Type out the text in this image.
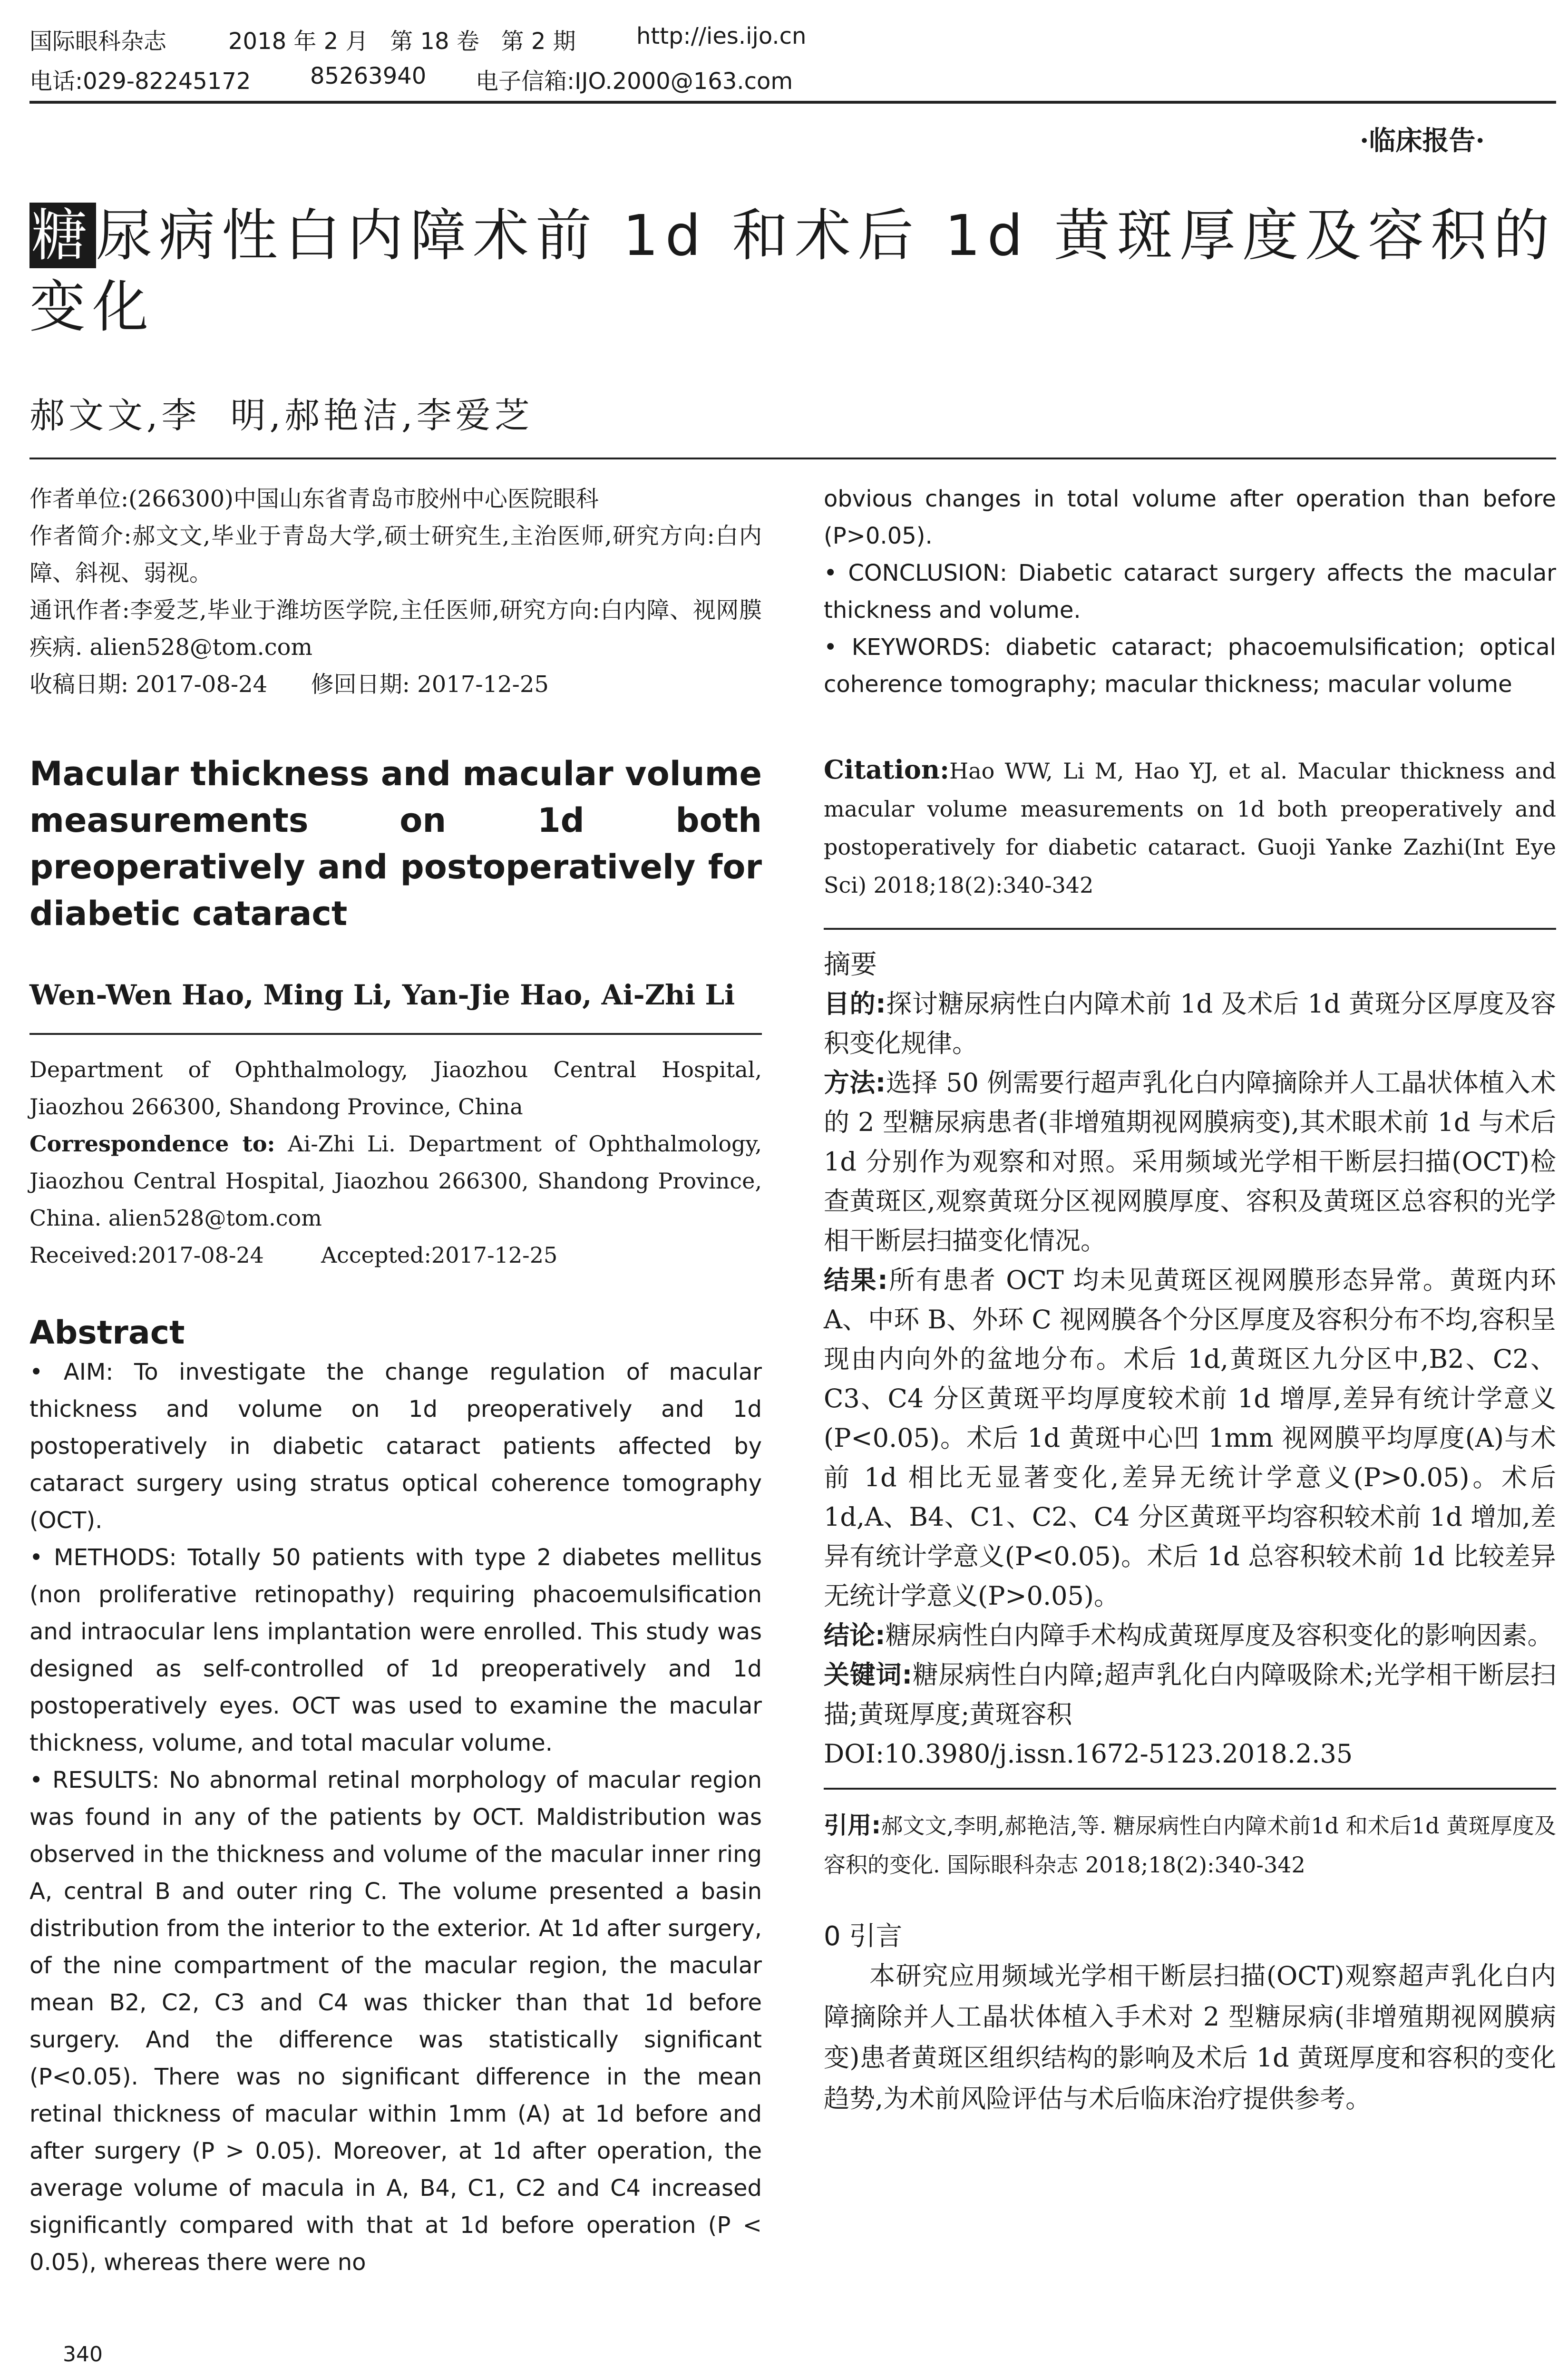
国际眼科杂志	2018 年 2 月   第 18 卷   第 2 期	http://ies.ijo.cn
电话:029-82245172	85263940 电子信箱:IJO.2000@163.com
·临床报告·
糖尿病性白内障术前 1d 和术后 1d 黄斑厚度及容积的
变化
郝文文,李  明,郝艳洁,李爱芝

作者单位:(266300)中国山东省青岛市胶州中心医院眼科

作者简介:郝文文,毕业于青岛大学,硕士研究生,主治医师,研究方向:白内障、斜视、弱视。

通讯作者:李爱芝,毕业于潍坊医学院,主任医师,研究方向:白内障、视网膜疾病. alien528@tom.com

收稿日期: 2017-08-24      修回日期: 2017-12-25

Macular thickness and macular volume measurements on 1d both preoperatively and postoperatively for diabetic cataract
Wen-Wen Hao, Ming Li, Yan-Jie Hao, Ai-Zhi Li

Department of Ophthalmology, Jiaozhou Central Hospital, Jiaozhou 266300, Shandong Province, China

Correspondence to: Ai-Zhi Li. Department of Ophthalmology, Jiaozhou Central Hospital, Jiaozhou 266300, Shandong Province, China. alien528@tom.com

Received:2017-08-24	Accepted:2017-12-25

Abstract

• AIM: To investigate the change regulation of macular thickness and volume on 1d preoperatively and 1d postoperatively in diabetic cataract patients affected by cataract surgery using stratus optical coherence tomography (OCT).

• METHODS: Totally 50 patients with type 2 diabetes mellitus (non proliferative retinopathy) requiring phacoemulsification and intraocular lens implantation were enrolled. This study was designed as self-controlled of 1d preoperatively and 1d postoperatively eyes. OCT was used to examine the macular thickness, volume, and total macular volume.

• RESULTS: No abnormal retinal morphology of macular region was found in any of the patients by OCT. Maldistribution was observed in the thickness and volume of the macular inner ring A, central B and outer ring C. The volume presented a basin distribution from the interior to the exterior. At 1d after surgery, of the nine compartment of the macular region, the macular mean B2, C2, C3 and C4 was thicker than that 1d before surgery. And the difference was statistically significant (P<0.05). There was no significant difference in the mean retinal thickness of macular within 1mm (A) at 1d before and after surgery (P > 0.05). Moreover, at 1d after operation, the average volume of macula in A, B4, C1, C2 and C4 increased significantly compared with that at 1d before operation (P < 0.05), whereas there were no

obvious changes in total volume after operation than before (P>0.05).

• CONCLUSION: Diabetic cataract surgery affects the macular thickness and volume.

• KEYWORDS: diabetic cataract; phacoemulsification; optical coherence tomography; macular thickness; macular volume

Citation:Hao WW, Li M, Hao YJ, et al. Macular thickness and macular volume measurements on 1d both preoperatively and postoperatively for diabetic cataract. Guoji Yanke Zazhi(Int Eye Sci) 2018;18(2):340-342
摘要

目的:探讨糖尿病性白内障术前 1d 及术后 1d 黄斑分区厚度及容积变化规律。

方法:选择 50 例需要行超声乳化白内障摘除并人工晶状体植入术的 2 型糖尿病患者(非增殖期视网膜病变),其术眼术前 1d 与术后 1d 分别作为观察和对照。采用频域光学相干断层扫描(OCT)检查黄斑区,观察黄斑分区视网膜厚度、容积及黄斑区总容积的光学相干断层扫描变化情况。

结果:所有患者 OCT 均未见黄斑区视网膜形态异常。黄斑内环 A、中环 B、外环 C 视网膜各个分区厚度及容积分布不均,容积呈现由内向外的盆地分布。术后 1d,黄斑区九分区中,B2、C2、C3、C4 分区黄斑平均厚度较术前 1d 增厚,差异有统计学意义(P<0.05)。术后 1d 黄斑中心凹 1mm 视网膜平均厚度(A)与术前 1d 相比无显著变化,差异无统计学意义(P>0.05)。术后 1d,A、B4、C1、C2、C4 分区黄斑平均容积较术前 1d 增加,差异有统计学意义(P<0.05)。术后 1d 总容积较术前 1d 比较差异无统计学意义(P>0.05)。

结论:糖尿病性白内障手术构成黄斑厚度及容积变化的影响因素。

关键词:糖尿病性白内障;超声乳化白内障吸除术;光学相干断层扫描;黄斑厚度;黄斑容积

DOI:10.3980/j.issn.1672-5123.2018.2.35

引用:郝文文,李明,郝艳洁,等. 糖尿病性白内障术前1d 和术后1d 黄斑厚度及容积的变化. 国际眼科杂志 2018;18(2):340-342
0 引言
本研究应用频域光学相干断层扫描(OCT)观察超声乳化白内障摘除并人工晶状体植入手术对 2 型糖尿病(非增殖期视网膜病变)患者黄斑区组织结构的影响及术后 1d 黄斑厚度和容积的变化趋势,为术前风险评估与术后临床治疗提供参考。
340
